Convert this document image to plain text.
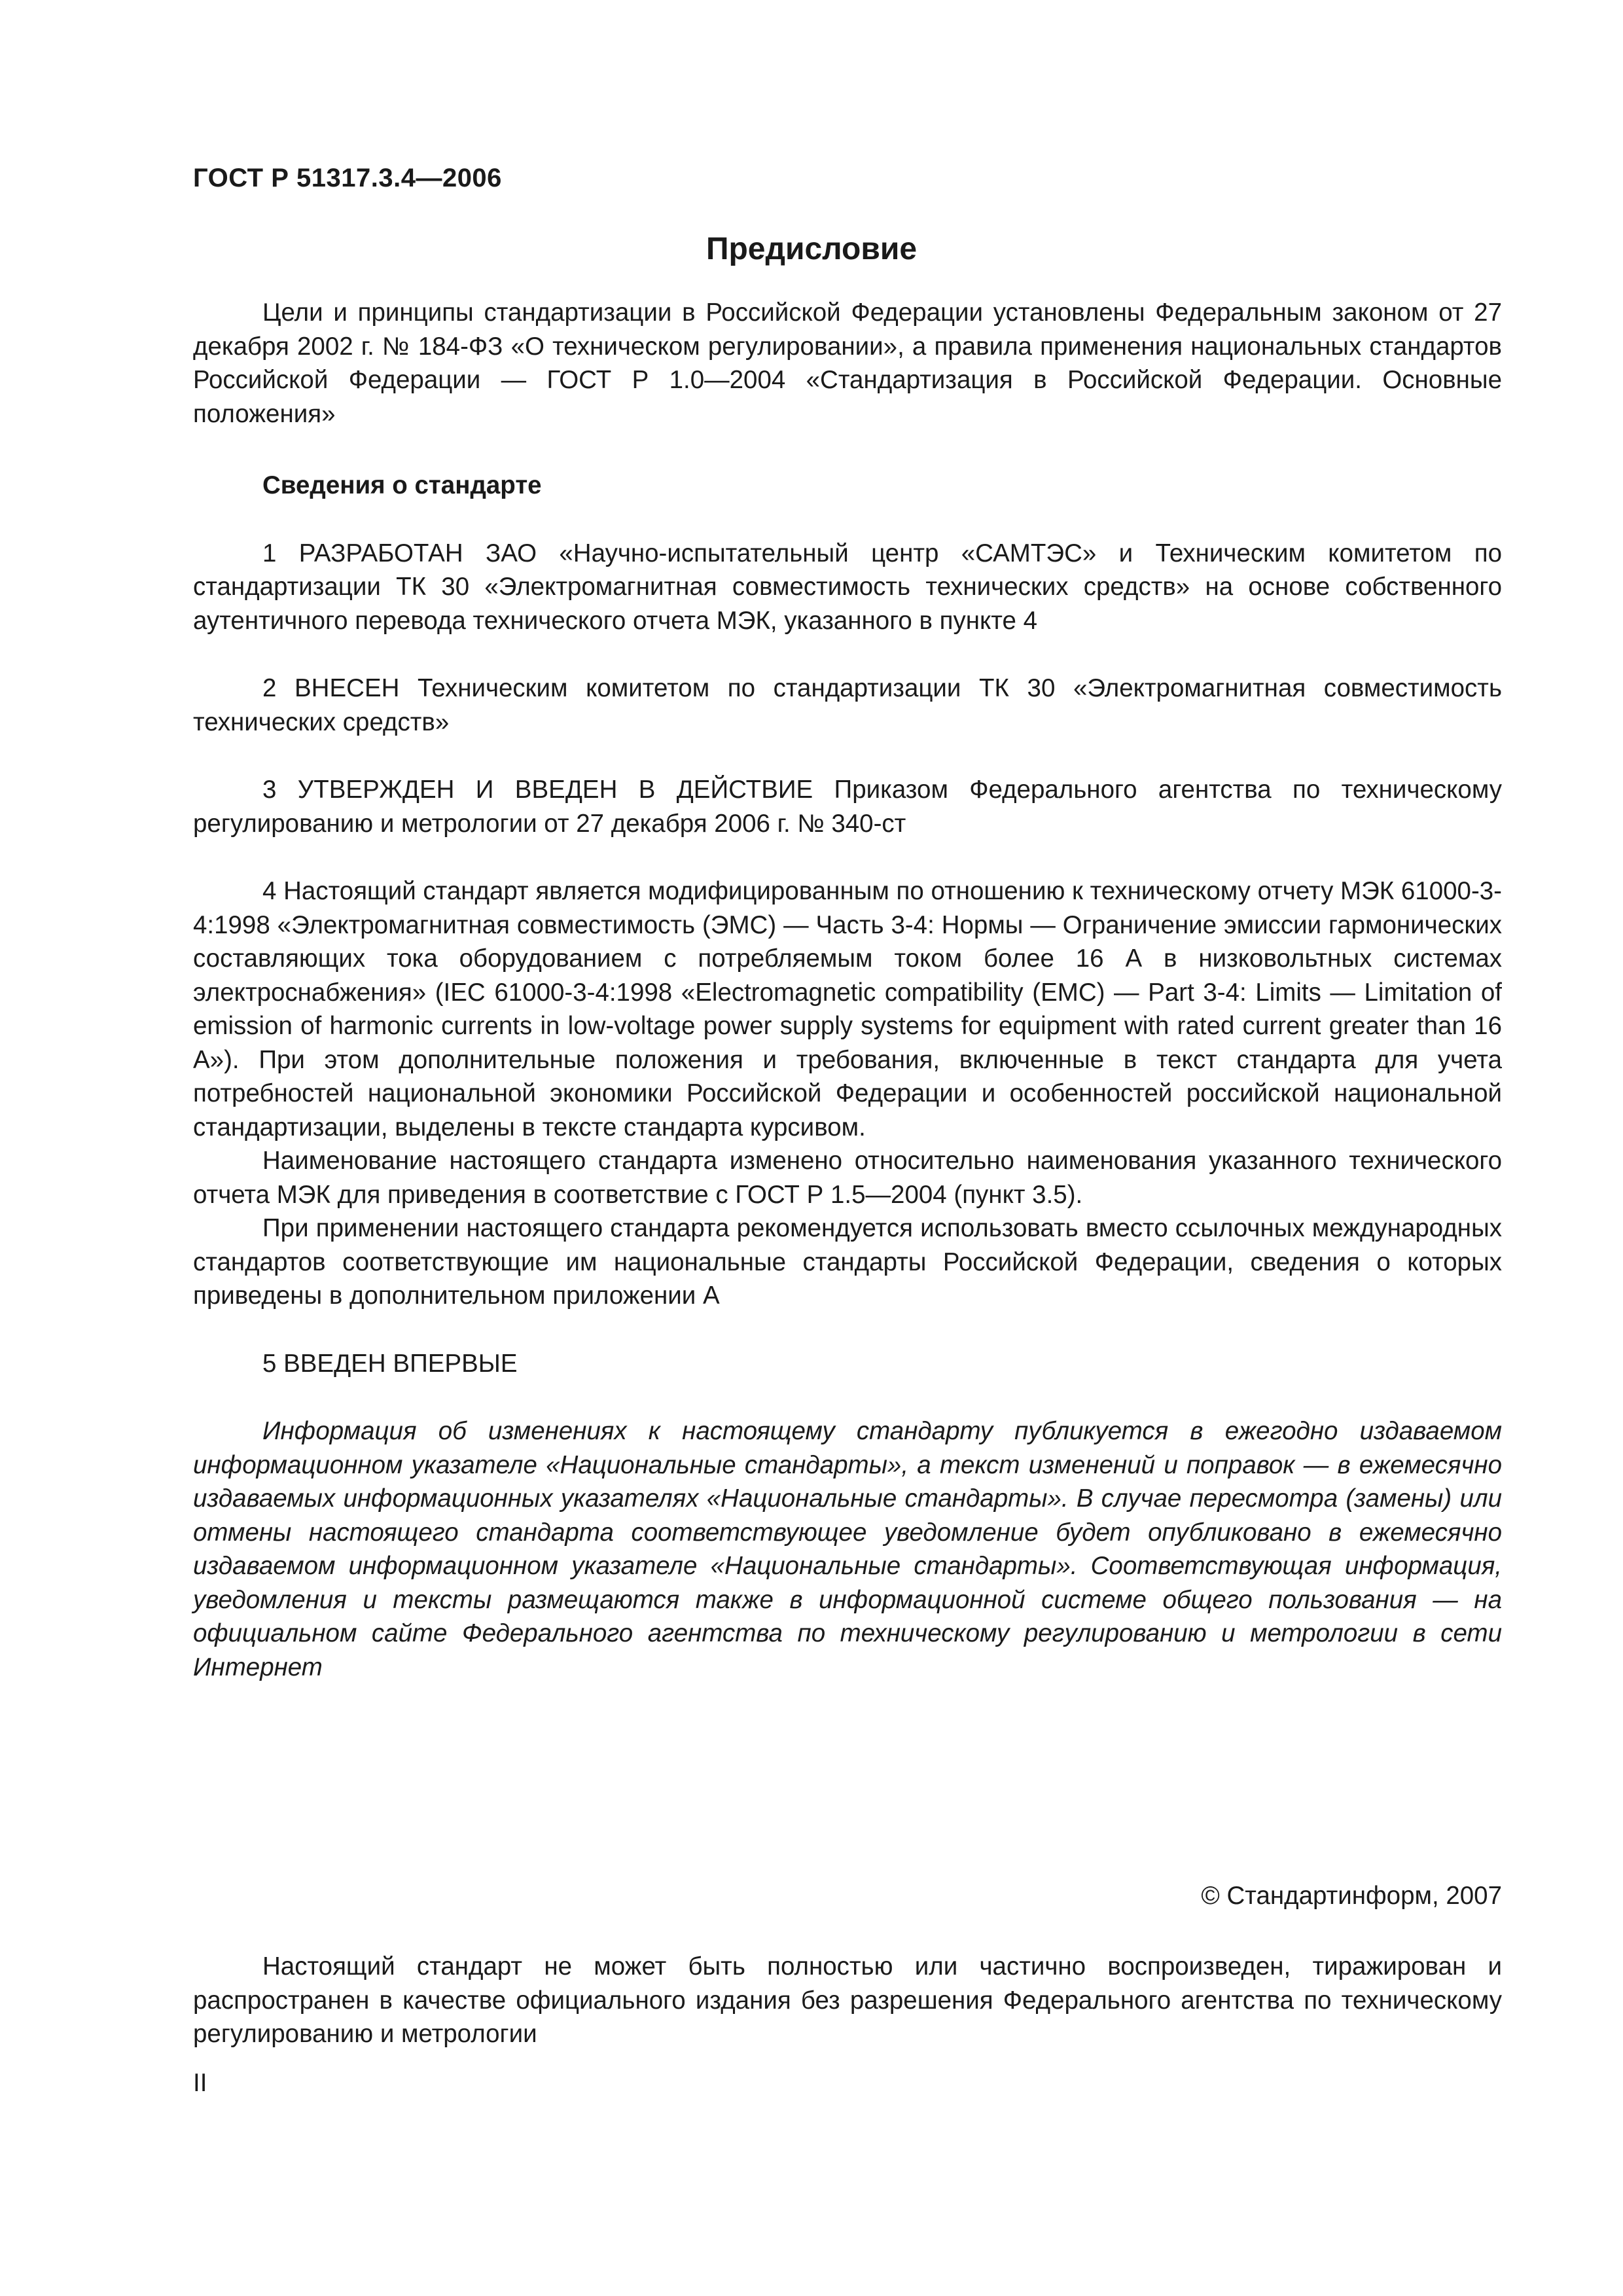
ГОСТ Р 51317.3.4—2006
Предисловие

Цели и принципы стандартизации в Российской Федерации установлены Федеральным законом от 27 декабря 2002 г. № 184-ФЗ «О техническом регулировании», а правила применения национальных стандартов Российской Федерации — ГОСТ Р 1.0—2004 «Стандартизация в Российской Федерации. Основные положения»

Сведения о стандарте

1 РАЗРАБОТАН ЗАО «Научно-испытательный центр «САМТЭС» и Техническим комитетом по стандартизации ТК 30 «Электромагнитная совместимость технических средств» на основе собственного аутентичного перевода технического отчета МЭК, указанного в пункте 4

2 ВНЕСЕН Техническим комитетом по стандартизации ТК 30 «Электромагнитная совместимость технических средств»

3 УТВЕРЖДЕН И ВВЕДЕН В ДЕЙСТВИЕ Приказом Федерального агентства по техническому регулированию и метрологии от 27 декабря 2006 г. № 340-ст

4 Настоящий стандарт является модифицированным по отношению к техническому отчету МЭК 61000-3-4:1998 «Электромагнитная совместимость (ЭМС) — Часть 3-4: Нормы — Ограничение эмиссии гармонических составляющих тока оборудованием с потребляемым током более 16 А в низковольтных системах электроснабжения» (IEC 61000-3-4:1998 «Electromagnetic compatibility (EMC) — Part 3-4: Limits — Limitation of emission of harmonic currents in low-voltage power supply systems for equipment with rated current greater than 16 A»). При этом дополнительные положения и требования, включенные в текст стандарта для учета потребностей национальной экономики Российской Федерации и особенностей российской национальной стандартизации, выделены в тексте стандарта курсивом.

Наименование настоящего стандарта изменено относительно наименования указанного технического отчета МЭК для приведения в соответствие с ГОСТ Р 1.5—2004 (пункт 3.5).

При применении настоящего стандарта рекомендуется использовать вместо ссылочных международных стандартов соответствующие им национальные стандарты Российской Федерации, сведения о которых приведены в дополнительном приложении А

5 ВВЕДЕН ВПЕРВЫЕ

Информация об изменениях к настоящему стандарту публикуется в ежегодно издаваемом информационном указателе «Национальные стандарты», а текст изменений и поправок — в ежемесячно издаваемых информационных указателях «Национальные стандарты». В случае пересмотра (замены) или отмены настоящего стандарта соответствующее уведомление будет опубликовано в ежемесячно издаваемом информационном указателе «Национальные стандарты». Соответствующая информация, уведомления и тексты размещаются также в информационной системе общего пользования — на официальном сайте Федерального агентства по техническому регулированию и метрологии в сети Интернет

© Стандартинформ, 2007

Настоящий стандарт не может быть полностью или частично воспроизведен, тиражирован и распространен в качестве официального издания без разрешения Федерального агентства по техническому регулированию и метрологии

II
